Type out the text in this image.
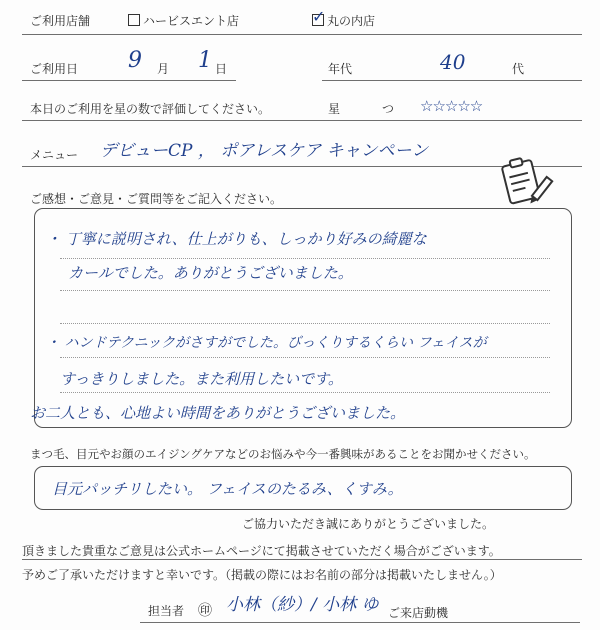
ご利用店舗	ハービスエント店
✓	丸の内店
ご利用日 9 月 1 日	年代	40	代
本日のご利用を星の数で評価してください。	星	つ ☆☆☆☆☆
メニュー デビューCP ， ポアレスケア キャンペーン
ご感想・ご意見・ご質問等をご記入ください。
・ 丁寧に説明され、仕上がりも、しっかり好みの綺麗な
カールでした。ありがとうございました。
・ ハンドテクニックがさすがでした。びっくりするくらい フェイスが
すっきりしました。また利用したいです。
お二人とも、心地よい時間をありがとうございました。
まつ毛、目元やお顔のエイジングケアなどのお悩みや今一番興味があることをお聞かせください。
目元パッチリしたい。 フェイスのたるみ、くすみ。
ご協力いただき誠にありがとうございました。
頂きました貴重なご意見は公式ホームページにて掲載させていただく場合がございます。
予めご了承いただけますと幸いです。（掲載の際にはお名前の部分は掲載いたしません。）
担当者 ㊞ 小林（紗）/ 小林 ゆ ご来店動機
